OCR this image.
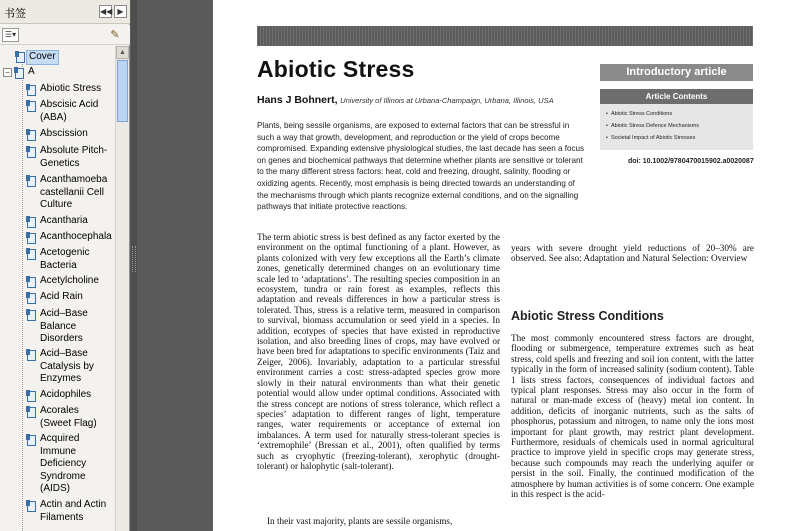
书签	◀◀ ▶
☰▾	✎
Cover
− A
Abiotic Stress
Abscisic Acid (ABA)
Abscission
Absolute Pitch-Genetics
Acanthamoeba castellanii Cell Culture
Acantharia
Acanthocephala
Acetogenic Bacteria
Acetylcholine
Acid Rain
Acid–Base Balance Disorders
Acid–Base Catalysis by Enzymes
Acidophiles
Acorales (Sweet Flag)
Acquired Immune Deficiency Syndrome (AIDS)
Actin and Actin Filaments
▲
Abiotic Stress
Hans J Bohnert, University of Illinois at Urbana-Champaign, Urbana, Illinois, USA
Introductory article
Article Contents
▪ Abiotic Stress Conditions
▪ Abiotic Stress Defence Mechanisms
▪ Societal Impact of Abiotic Stresses
doi: 10.1002/9780470015902.a0020087
Plants, being sessile organisms, are exposed to external factors that can be stressful in such a way that growth, development, and reproduction or the yield of crops become compromised. Expanding extensive physiological studies, the last decade has seen a focus on genes and biochemical pathways that determine whether plants are sensitive or tolerant to the many different stress factors: heat, cold and freezing, drought, salinity, flooding or oxidizing agents. Recently, most emphasis is being directed towards an understanding of the mechanisms through which plants recognize external conditions, and on the signalling pathways that initiate protective reactions.
The term abiotic stress is best defined as any factor exerted by the environment on the optimal functioning of a plant. However, as plants colonized with very few exceptions all the Earth’s climate zones, genetically determined changes on an evolutionary time scale led to ‘adaptations’. The resulting species composition in an ecosystem, tundra or rain forest as examples, reflects this adaptation and reveals differences in how a particular stress is tolerated. Thus, stress is a relative term, measured in comparison to survival, biomass accumulation or seed yield in a species. In addition, ecotypes of species that have existed in reproductive isolation, and also breeding lines of crops, may have evolved or have been bred for adaptations to specific environments (Taiz and Zeiger, 2006). Invariably, adaptation to a particular stressful environment carries a cost: stress-adapted species grow more slowly in their natural environments than what their genetic potential would allow under optimal conditions. Associated with the stress concept are notions of stress tolerance, which reflect a species’ adaptation to different ranges of light, temperature ranges, water requirements or acceptance of external ion imbalances. A term used for naturally stress-tolerant species is ‘extremophile’ (Bressan et al., 2001), often qualified by terms such as cryophytic (freezing-tolerant), xerophytic (drought-tolerant) or halophytic (salt-tolerant).
In their vast majority, plants are sessile organisms,
years with severe drought yield reductions of 20–30% are observed. See also: Adaptation and Natural Selection: Overview
Abiotic Stress Conditions
The most commonly encountered stress factors are drought, flooding or submergence, temperature extremes such as heat stress, cold spells and freezing and soil ion content, with the latter typically in the form of increased salinity (sodium content). Table 1 lists stress factors, consequences of individual factors and typical plant responses. Stress may also occur in the form of natural or man-made excess of (heavy) metal ion content. In addition, deficits of inorganic nutrients, such as the salts of phosphorus, potassium and nitrogen, to name only the ions most important for plant growth, may restrict plant development. Furthermore, residuals of chemicals used in normal agricultural practice to improve yield in specific crops may generate stress, because such compounds may reach the underlying aquifer or persist in the soil. Finally, the continued modification of the atmosphere by human activities is of some concern. One example in this respect is the acid-
